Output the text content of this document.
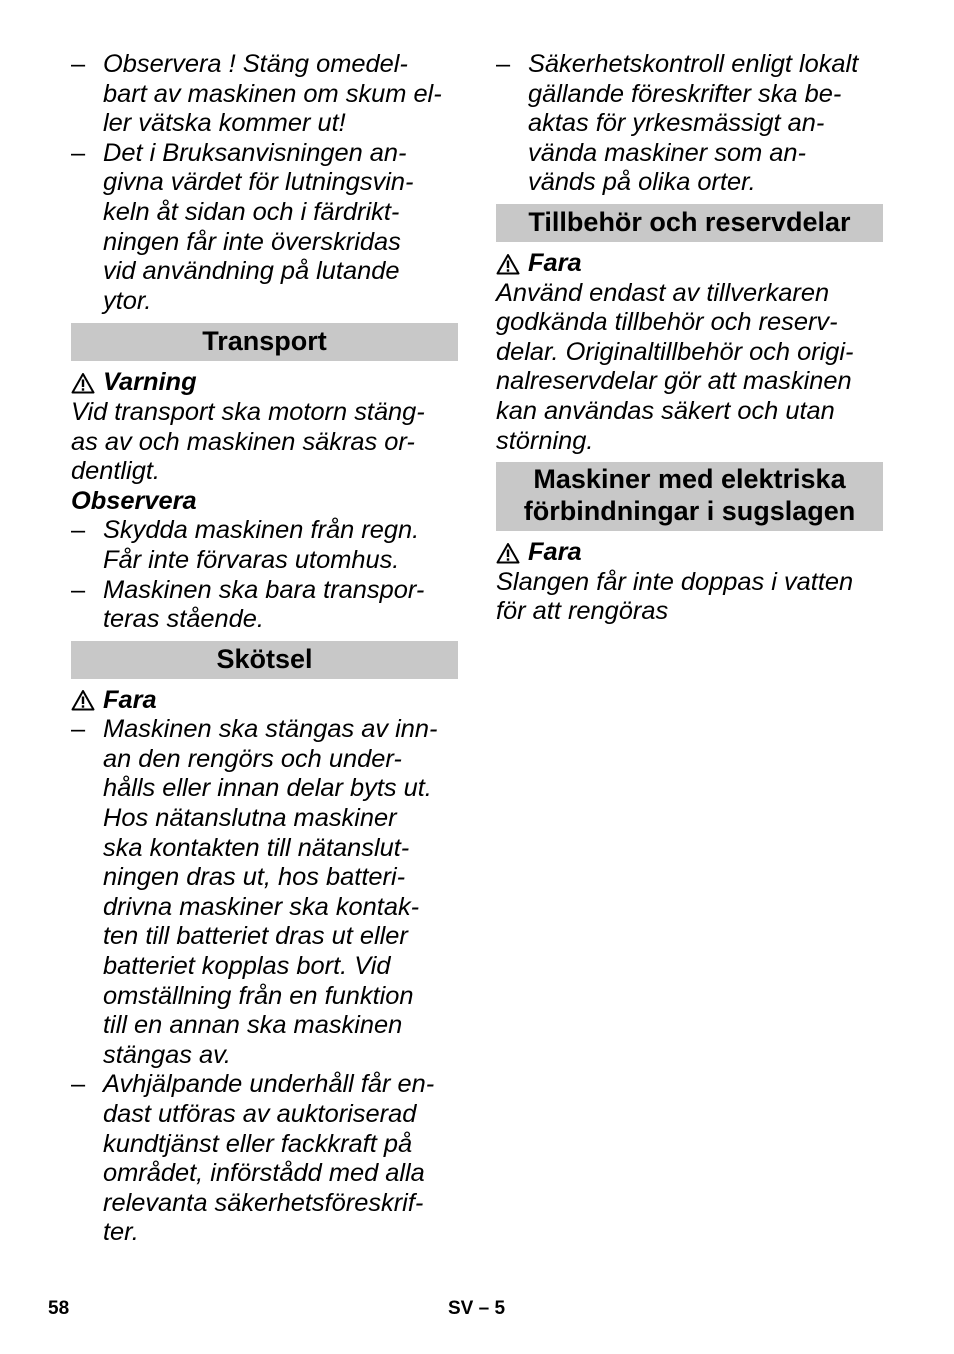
– Observera ! Stäng omedel-
bart av maskinen om skum el-
ler vätska kommer ut!
– Det i Bruksanvisningen an-
givna värdet för lutningsvin-
keln åt sidan och i färdrikt-
ningen får inte överskridas
vid användning på lutande
ytor.
Transport
Varning
Vid transport ska motorn stäng-
as av och maskinen säkras or-
dentligt.
Observera
– Skydda maskinen från regn.
Får inte förvaras utomhus.
– Maskinen ska bara transpor-
teras stående.
Skötsel
Fara
– Maskinen ska stängas av inn-
an den rengörs och under-
hålls eller innan delar byts ut.
Hos nätanslutna maskiner
ska kontakten till nätanslut-
ningen dras ut, hos batteri-
drivna maskiner ska kontak-
ten till batteriet dras ut eller
batteriet kopplas bort. Vid
omställning från en funktion
till en annan ska maskinen
stängas av.
– Avhjälpande underhåll får en-
dast utföras av auktoriserad
kundtjänst eller fackkraft på
området, införstådd med alla
relevanta säkerhetsföreskrif-
ter.
– Säkerhetskontroll enligt lokalt
gällande föreskrifter ska be-
aktas för yrkesmässigt an-
vända maskiner som an-
vänds på olika orter.
Tillbehör och reservdelar
Fara
Använd endast av tillverkaren
godkända tillbehör och reserv-
delar. Originaltillbehör och origi-
nalreservdelar gör att maskinen
kan användas säkert och utan
störning.
Maskiner med elektriska
förbindningar i sugslagen
Fara
Slangen får inte doppas i vatten
för att rengöras
58	SV – 5
